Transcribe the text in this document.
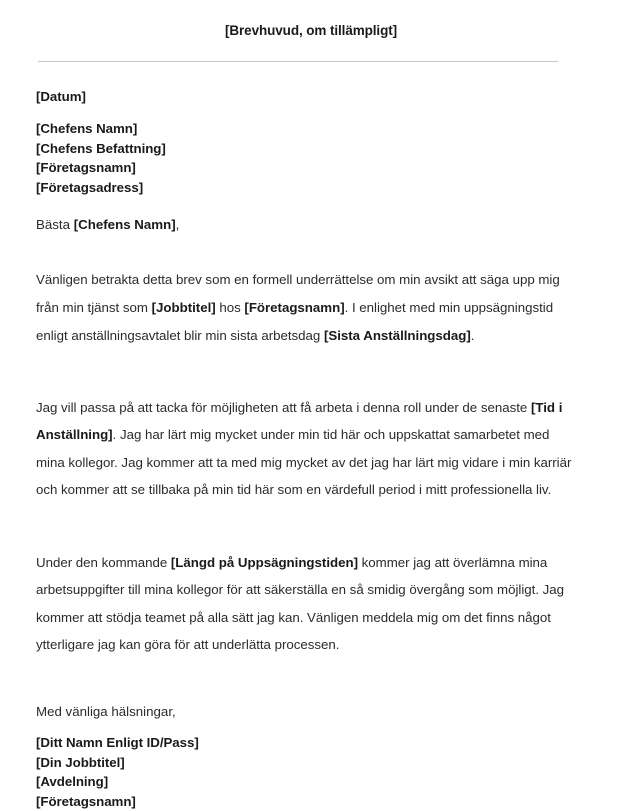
[Brevhuvud, om tillämpligt]
[Datum]
[Chefens Namn]
[Chefens Befattning]
[Företagsnamn]
[Företagsadress]
Bästa [Chefens Namn],

Vänligen betrakta detta brev som en formell underrättelse om min avsikt att säga upp mig från min tjänst som [Jobbtitel] hos [Företagsnamn]. I enlighet med min uppsägningstid enligt anställningsavtalet blir min sista arbetsdag [Sista Anställningsdag].

Jag vill passa på att tacka för möjligheten att få arbeta i denna roll under de senaste [Tid i Anställning]. Jag har lärt mig mycket under min tid här och uppskattat samarbetet med mina kollegor. Jag kommer att ta med mig mycket av det jag har lärt mig vidare i min karriär och kommer att se tillbaka på min tid här som en värdefull period i mitt professionella liv.

Under den kommande [Längd på Uppsägningstiden] kommer jag att överlämna mina arbetsuppgifter till mina kollegor för att säkerställa en så smidig övergång som möjligt. Jag kommer att stödja teamet på alla sätt jag kan. Vänligen meddela mig om det finns något ytterligare jag kan göra för att underlätta processen.

Med vänliga hälsningar,
[Ditt Namn Enligt ID/Pass]
[Din Jobbtitel]
[Avdelning]
[Företagsnamn]
